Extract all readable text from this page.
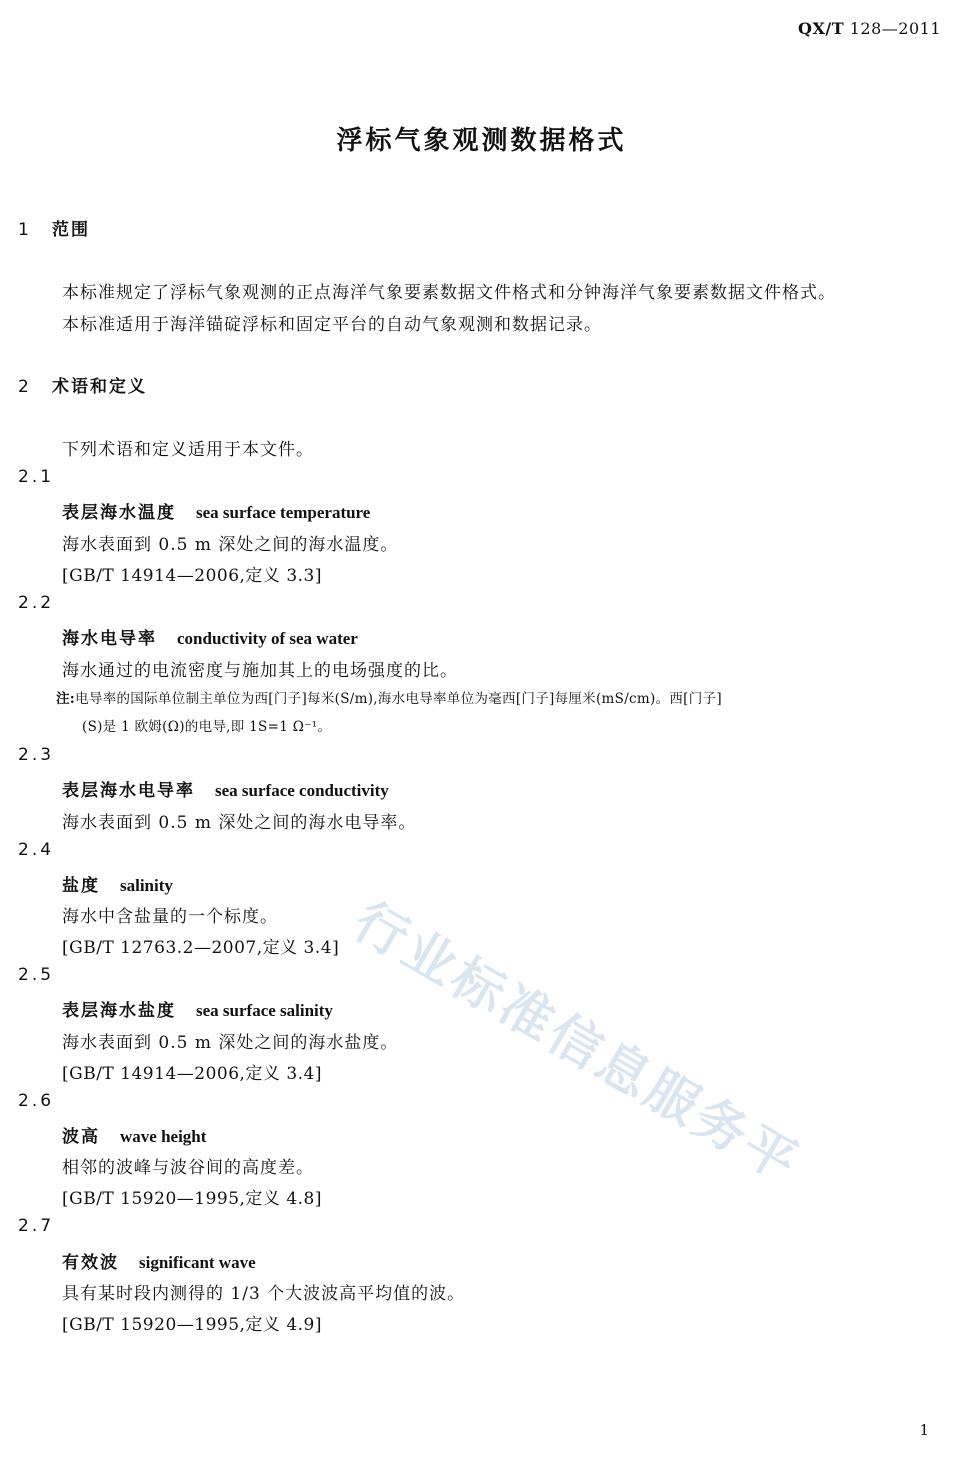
QX/T 128—2011
浮标气象观测数据格式
1 范围
本标准规定了浮标气象观测的正点海洋气象要素数据文件格式和分钟海洋气象要素数据文件格式。
本标准适用于海洋锚碇浮标和固定平台的自动气象观测和数据记录。
2 术语和定义
下列术语和定义适用于本文件。
2.1
表层海水温度 sea surface temperature
海水表面到 0.5 m 深处之间的海水温度。
[GB/T 14914—2006,定义 3.3]
2.2
海水电导率 conductivity of sea water
海水通过的电流密度与施加其上的电场强度的比。
注:电导率的国际单位制主单位为西[门子]每米(S/m),海水电导率单位为毫西[门子]每厘米(mS/cm)。西[门子]
(S)是 1 欧姆(Ω)的电导,即 1S=1 Ω⁻¹。
2.3
表层海水电导率 sea surface conductivity
海水表面到 0.5 m 深处之间的海水电导率。
2.4
盐度 salinity
海水中含盐量的一个标度。
[GB/T 12763.2—2007,定义 3.4]
2.5
表层海水盐度 sea surface salinity
海水表面到 0.5 m 深处之间的海水盐度。
[GB/T 14914—2006,定义 3.4]
2.6
波高 wave height
相邻的波峰与波谷间的高度差。
[GB/T 15920—1995,定义 4.8]
2.7
有效波 significant wave
具有某时段内测得的 1/3 个大波波高平均值的波。
[GB/T 15920—1995,定义 4.9]
行业标准信息服务平
1
